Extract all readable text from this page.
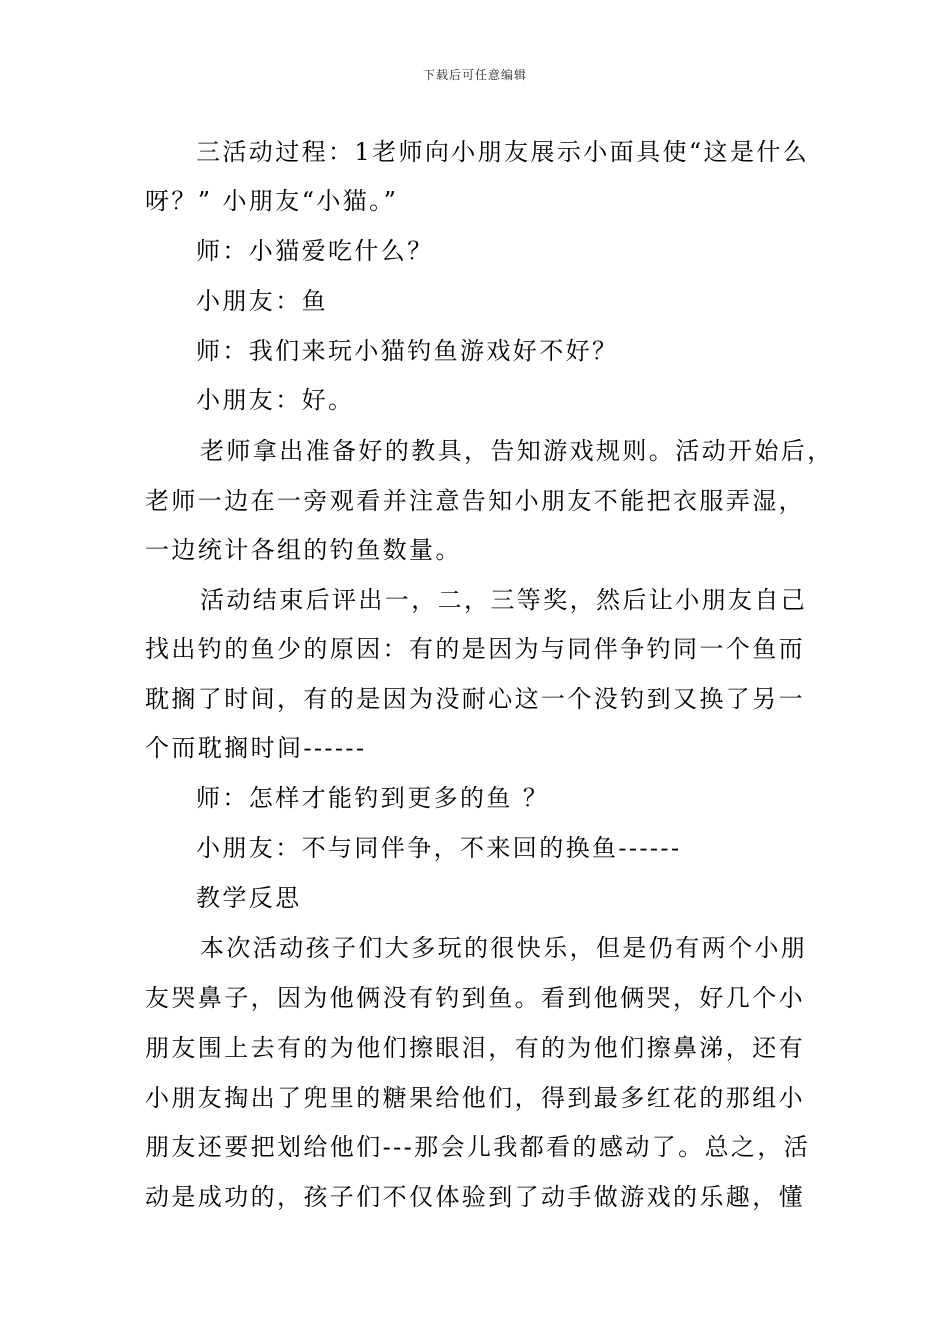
下载后可任意编辑
三活动过程：1老师向小朋友展示小面具使“这是什么
呀？” 小朋友“小猫。”
师：小猫爱吃什么？
小朋友：鱼
师：我们来玩小猫钓鱼游戏好不好？
小朋友：好。
老师拿出准备好的教具，告知游戏规则。活动开始后，
老师一边在一旁观看并注意告知小朋友不能把衣服弄湿，
一边统计各组的钓鱼数量。
活动结束后评出一，二，三等奖，然后让小朋友自己
找出钓的鱼少的原因：有的是因为与同伴争钓同一个鱼而
耽搁了时间，有的是因为没耐心这一个没钓到又换了另一
个而耽搁时间------
师：怎样才能钓到更多的鱼 ？
小朋友：不与同伴争，不来回的换鱼------
教学反思
本次活动孩子们大多玩的很快乐，但是仍有两个小朋
友哭鼻子，因为他俩没有钓到鱼。看到他俩哭，好几个小
朋友围上去有的为他们擦眼泪，有的为他们擦鼻涕，还有
小朋友掏出了兜里的糖果给他们，得到最多红花的那组小
朋友还要把划给他们---那会儿我都看的感动了。总之，活
动是成功的，孩子们不仅体验到了动手做游戏的乐趣，懂
